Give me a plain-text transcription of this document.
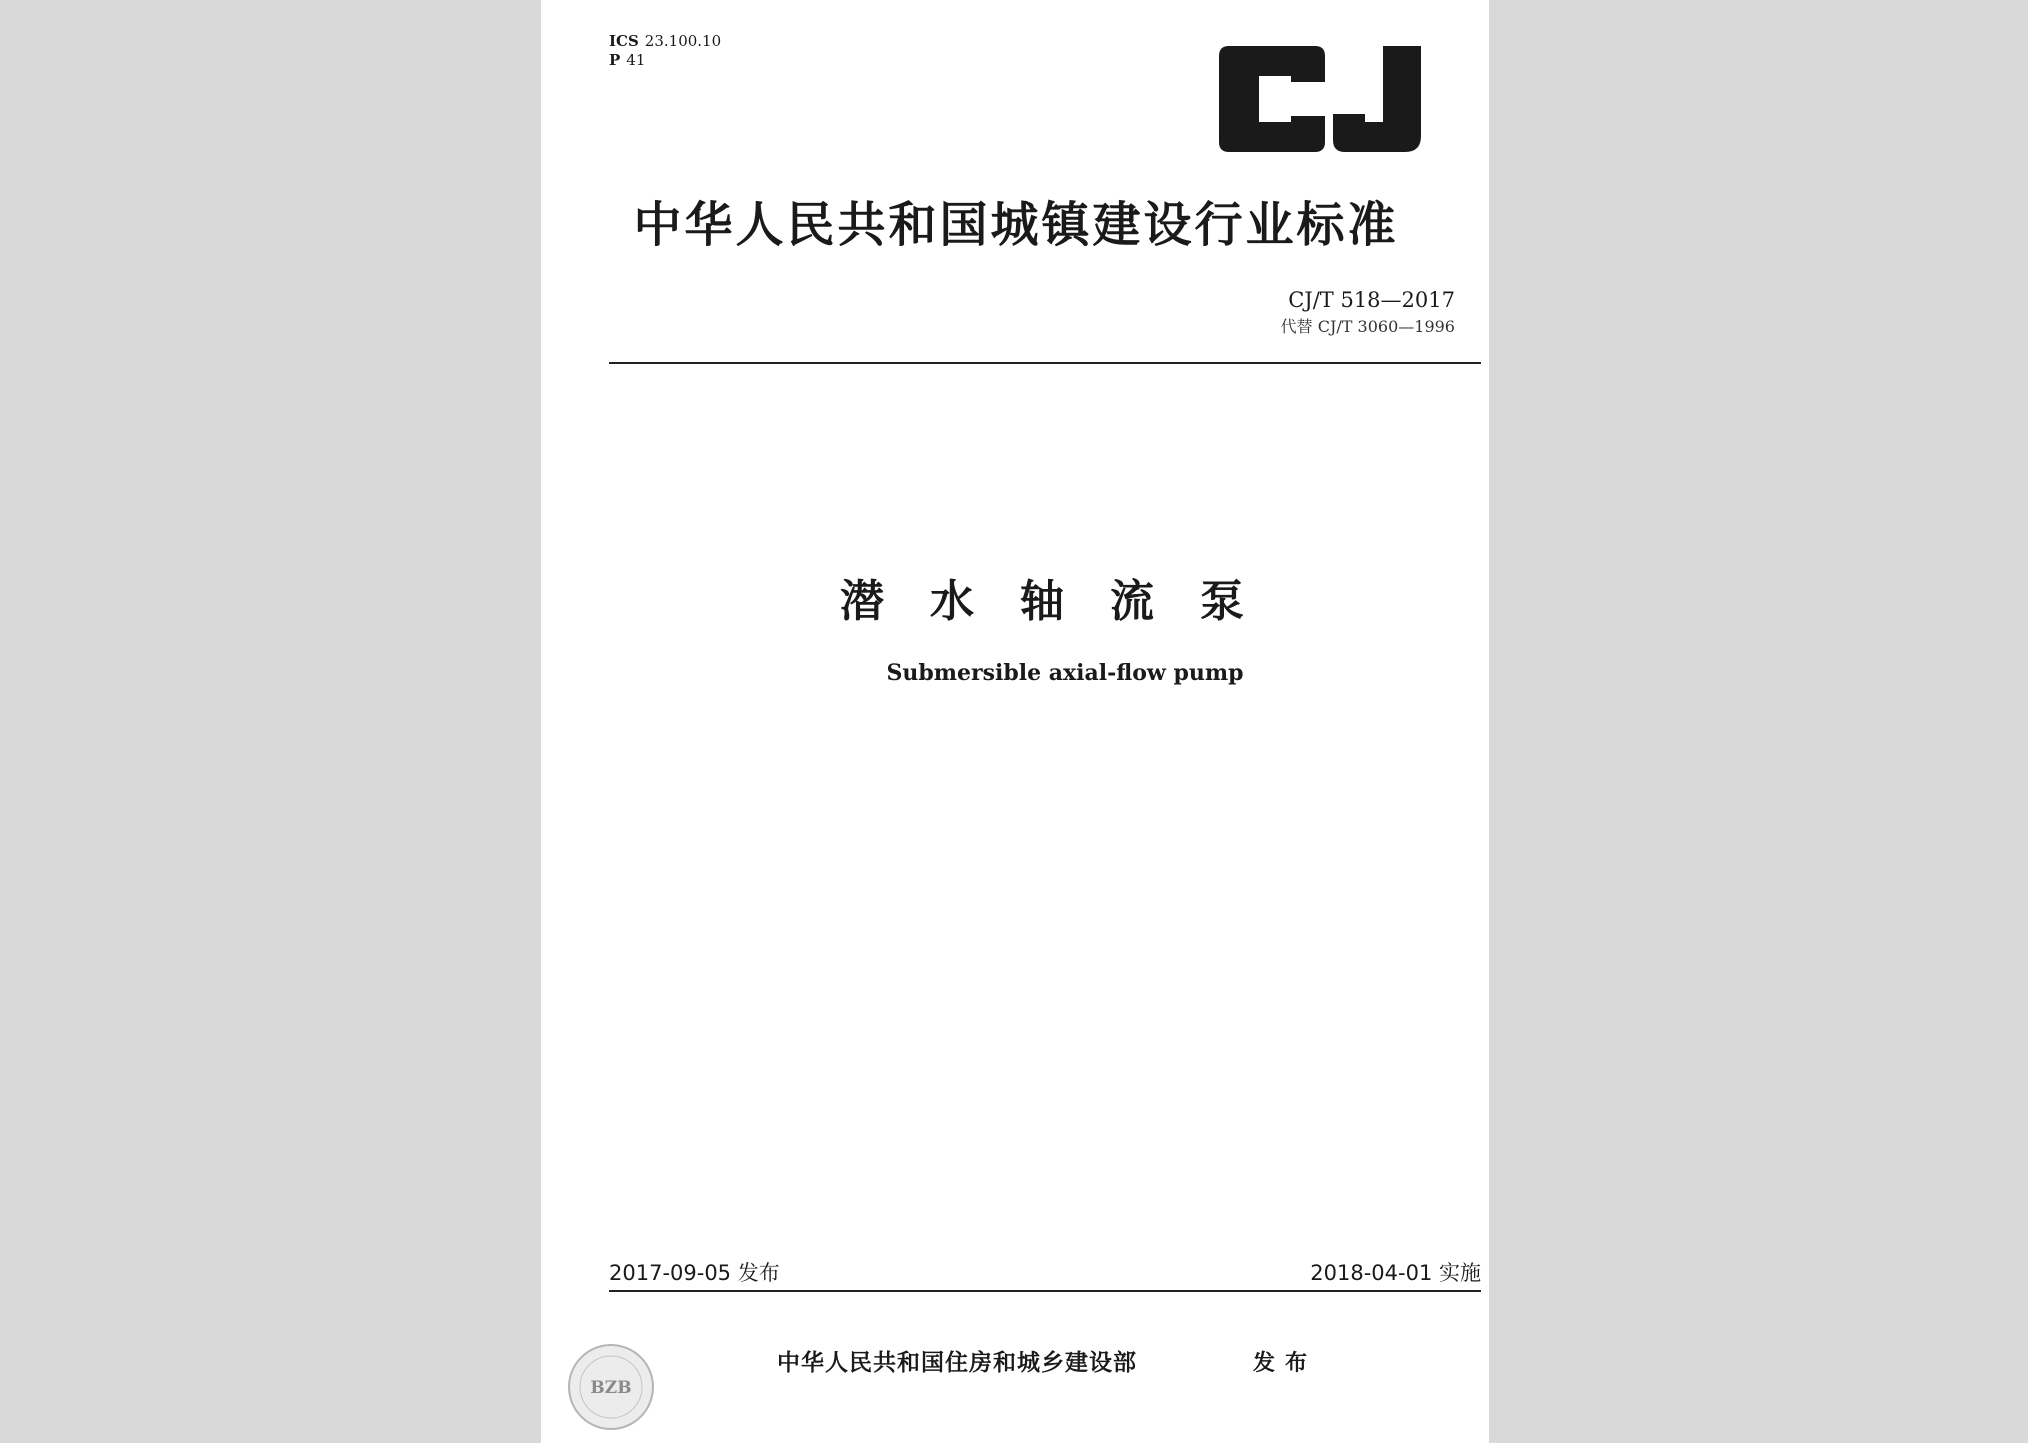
ICS 23.100.10
P 41
中华人民共和国城镇建设行业标准
CJ/T 518—2017
代替 CJ/T 3060—1996
潜水轴流泵
Submersible axial-flow pump
2017-09-05 发布	2018-04-01 实施
中华人民共和国住房和城乡建设部	发布
BZB
